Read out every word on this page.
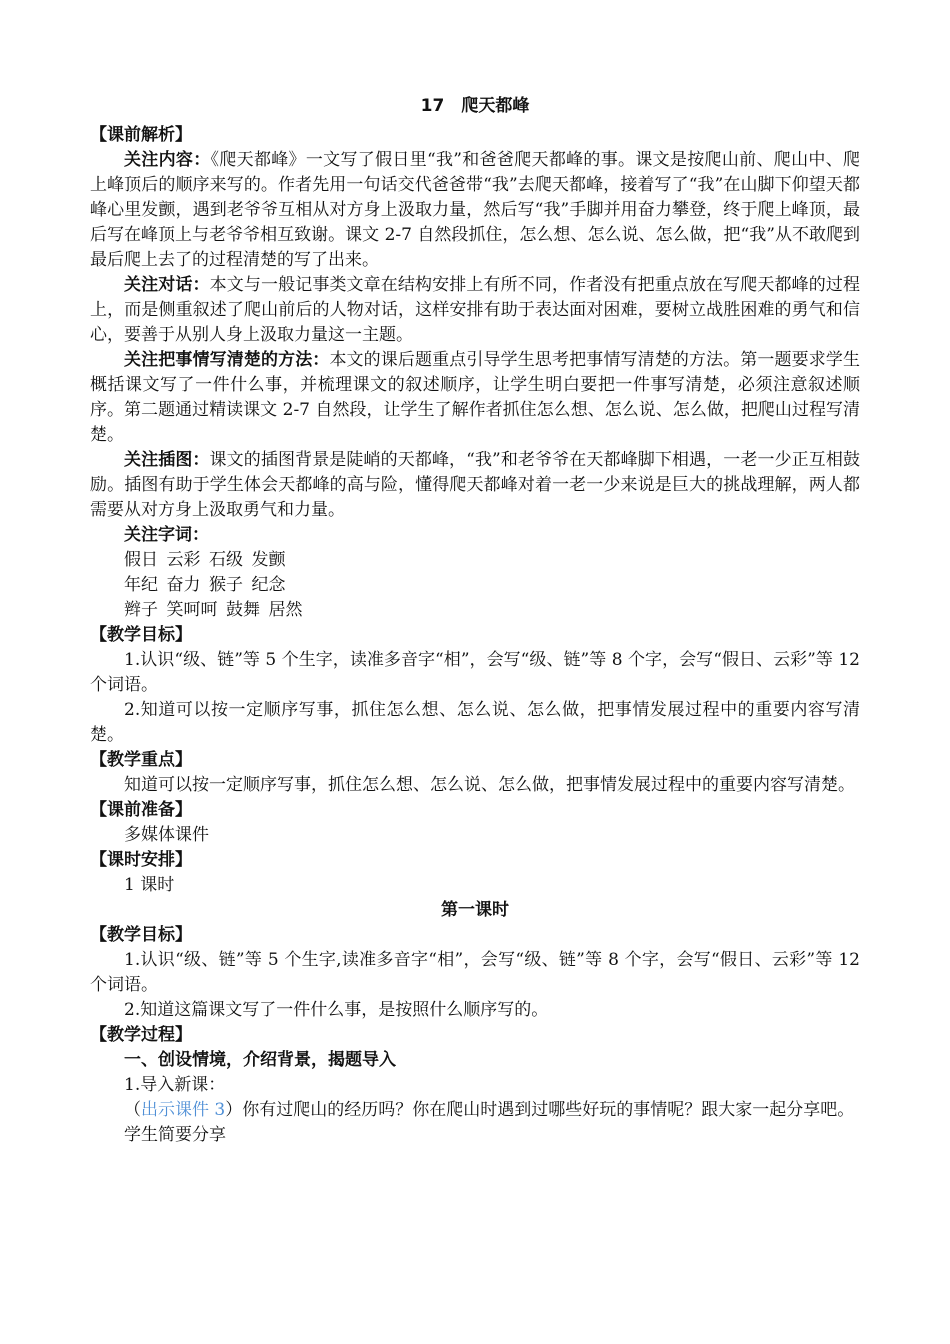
17　爬天都峰

【课前解析】

关注内容：《爬天都峰》一文写了假日里“我”和爸爸爬天都峰的事。课文是按爬山前、爬山中、爬上峰顶后的顺序来写的。作者先用一句话交代爸爸带“我”去爬天都峰，接着写了“我”在山脚下仰望天都峰心里发颤，遇到老爷爷互相从对方身上汲取力量，然后写“我”手脚并用奋力攀登，终于爬上峰顶，最后写在峰顶上与老爷爷相互致谢。课文 2-7 自然段抓住，怎么想、怎么说、怎么做，把“我”从不敢爬到最后爬上去了的过程清楚的写了出来。

关注对话：本文与一般记事类文章在结构安排上有所不同，作者没有把重点放在写爬天都峰的过程上，而是侧重叙述了爬山前后的人物对话，这样安排有助于表达面对困难，要树立战胜困难的勇气和信心，要善于从别人身上汲取力量这一主题。

关注把事情写清楚的方法：本文的课后题重点引导学生思考把事情写清楚的方法。第一题要求学生概括课文写了一件什么事，并梳理课文的叙述顺序，让学生明白要把一件事写清楚，必须注意叙述顺序。第二题通过精读课文 2-7 自然段，让学生了解作者抓住怎么想、怎么说、怎么做，把爬山过程写清楚。

关注插图：课文的插图背景是陡峭的天都峰，“我”和老爷爷在天都峰脚下相遇，一老一少正互相鼓励。插图有助于学生体会天都峰的高与险，懂得爬天都峰对着一老一少来说是巨大的挑战理解，两人都需要从对方身上汲取勇气和力量。

关注字词：

假日 云彩 石级 发颤

年纪 奋力 猴子 纪念

辫子 笑呵呵 鼓舞 居然

【教学目标】

1.认识“级、链”等 5 个生字，读准多音字“相”，会写“级、链”等 8 个字，会写“假日、云彩”等 12 个词语。

2.知道可以按一定顺序写事，抓住怎么想、怎么说、怎么做，把事情发展过程中的重要内容写清楚。

【教学重点】

知道可以按一定顺序写事，抓住怎么想、怎么说、怎么做，把事情发展过程中的重要内容写清楚。

【课前准备】

多媒体课件

【课时安排】

1 课时

第一课时

【教学目标】

1.认识“级、链”等 5 个生字,读准多音字“相”，会写“级、链”等 8 个字，会写“假日、云彩”等 12 个词语。

2.知道这篇课文写了一件什么事，是按照什么顺序写的。

【教学过程】

一、创设情境，介绍背景，揭题导入

1.导入新课：

（出示课件 3）你有过爬山的经历吗？你在爬山时遇到过哪些好玩的事情呢？跟大家一起分享吧。

学生简要分享
